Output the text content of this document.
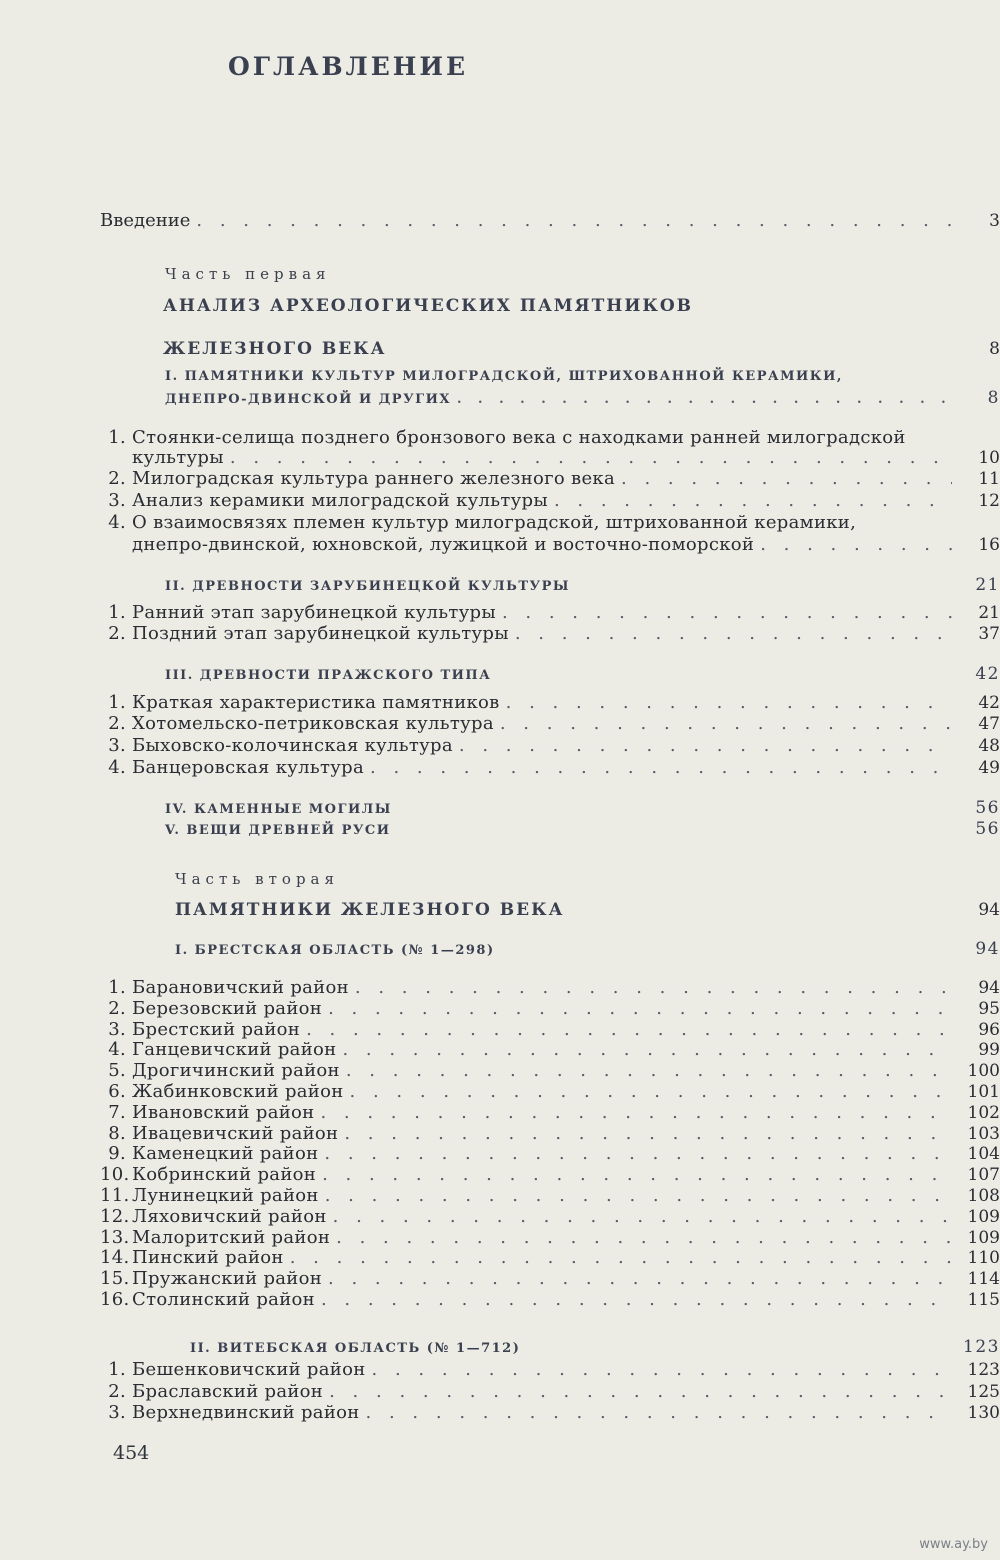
ОГЛАВЛЕНИЕ
Введение . . .	3
Часть первая
АНАЛИЗ АРХЕОЛОГИЧЕСКИХ ПАМЯТНИКОВ
ЖЕЛЕЗНОГО ВЕКА	8
I. ПАМЯТНИКИ КУЛЬТУР МИЛОГРАДСКОЙ, ШТРИХОВАННОЙ КЕРАМИКИ,
ДНЕПРО-ДВИНСКОЙ И ДРУГИХ . . .	8
1. Стоянки-селища позднего бронзового века с находками ранней милоградской
культуры . . .	10
2. Милоградская культура раннего железного века . . .	11
3. Анализ керамики милоградской культуры . . .	12
4. О взаимосвязях племен культур милоградской, штрихованной керамики,
днепро-двинской, юхновской, лужицкой и восточно-поморской . . .	16
II. ДРЕВНОСТИ ЗАРУБИНЕЦКОЙ КУЛЬТУРЫ	21
1. Ранний этап зарубинецкой культуры . . .	21
2. Поздний этап зарубинецкой культуры . . .	37
III. ДРЕВНОСТИ ПРАЖСКОГО ТИПА	42
1. Краткая характеристика памятников . . .	42
2. Хотомельско-петриковская культура . . .	47
3. Быховско-колочинская культура . . .	48
4. Банцеровская культура . . .	49
IV. КАМЕННЫЕ МОГИЛЫ	56
V. ВЕЩИ ДРЕВНЕЙ РУСИ	56
Часть вторая
ПАМЯТНИКИ ЖЕЛЕЗНОГО ВЕКА	94
I. БРЕСТСКАЯ ОБЛАСТЬ (№ 1—298)	94
1. Барановичский район . . .	94
2. Березовский район . . .	95
3. Брестский район . . .	96
4. Ганцевичский район . . .	99
5. Дрогичинский район . . .	100
6. Жабинковский район . . .	101
7. Ивановский район . . .	102
8. Ивацевичский район . . .	103
9. Каменецкий район . . .	104
10. Кобринский район . . .	107
11. Лунинецкий район . . .	108
12. Ляховичский район . . .	109
13. Малоритский район . . .	109
14. Пинский район . . .	110
15. Пружанский район . . .	114
16. Столинский район . . .	115
II. ВИТЕБСКАЯ ОБЛАСТЬ (№ 1—712)	123
1. Бешенковичский район . . .	123
2. Браславский район . . .	125
3. Верхнедвинский район . . .	130
454
www.ay.by
